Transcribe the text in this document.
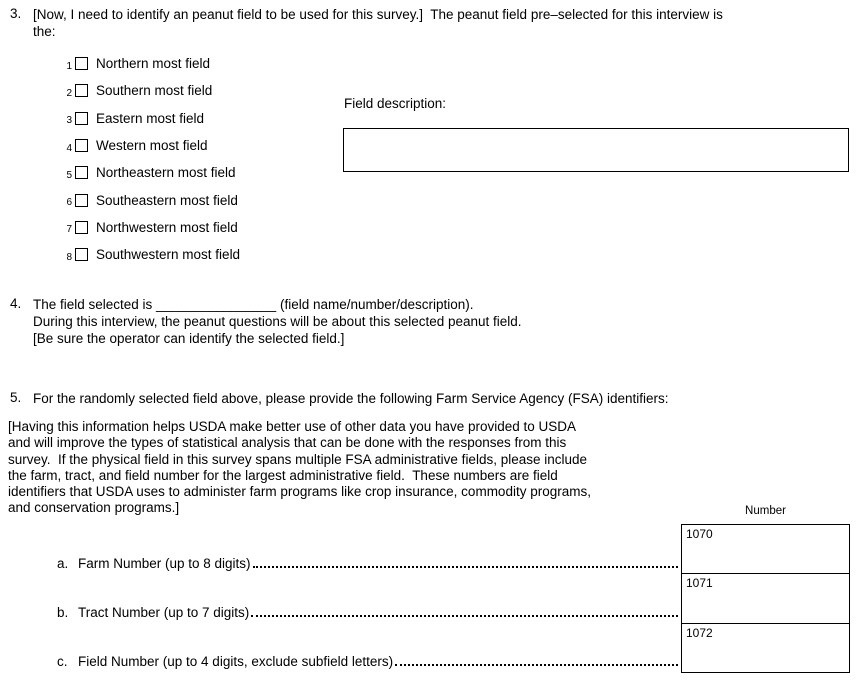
3. [Now, I need to identify an peanut field to be used for this survey.]  The peanut field pre–selected for this interview is
the:
1 Northern most field
2 Southern most field
3 Eastern most field
4 Western most field
5 Northeastern most field
6 Southeastern most field
7 Northwestern most field
8 Southwestern most field
Field description:
4. The field selected is ________________ (field name/number/description).
During this interview, the peanut questions will be about this selected peanut field.
[Be sure the operator can identify the selected field.]
5. For the randomly selected field above, please provide the following Farm Service Agency (FSA) identifiers:
[Having this information helps USDA make better use of other data you have provided to USDA
and will improve the types of statistical analysis that can be done with the responses from this
survey.  If the physical field in this survey spans multiple FSA administrative fields, please include
the farm, tract, and field number for the largest administrative field.  These numbers are field
identifiers that USDA uses to administer farm programs like crop insurance, commodity programs,
and conservation programs.]	Number
1070
1071
1072
a. Farm Number (up to 8 digits)
b. Tract Number (up to 7 digits)
c. Field Number (up to 4 digits, exclude subfield letters)
